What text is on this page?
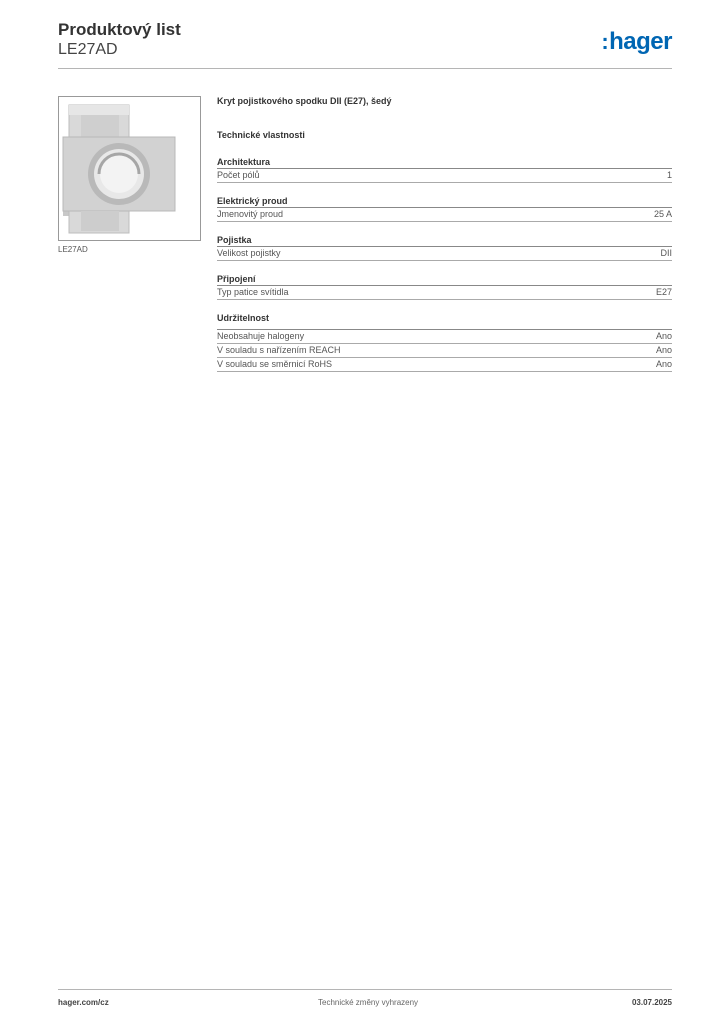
Produktový list
LE27AD	:hager
LE27AD
Kryt pojistkového spodku DII (E27), šedý
Technické vlastnosti
Architektura
Počet pólů	1
Elektrický proud
Jmenovitý proud	25 A
Pojistka
Velikost pojistky	DII
Připojení
Typ patice svítidla	E27
Udržitelnost
Neobsahuje halogeny	Ano
V souladu s nařízením REACH	Ano
V souladu se směrnicí RoHS	Ano
hager.com/cz	Technické změny vyhrazeny	03.07.2025
